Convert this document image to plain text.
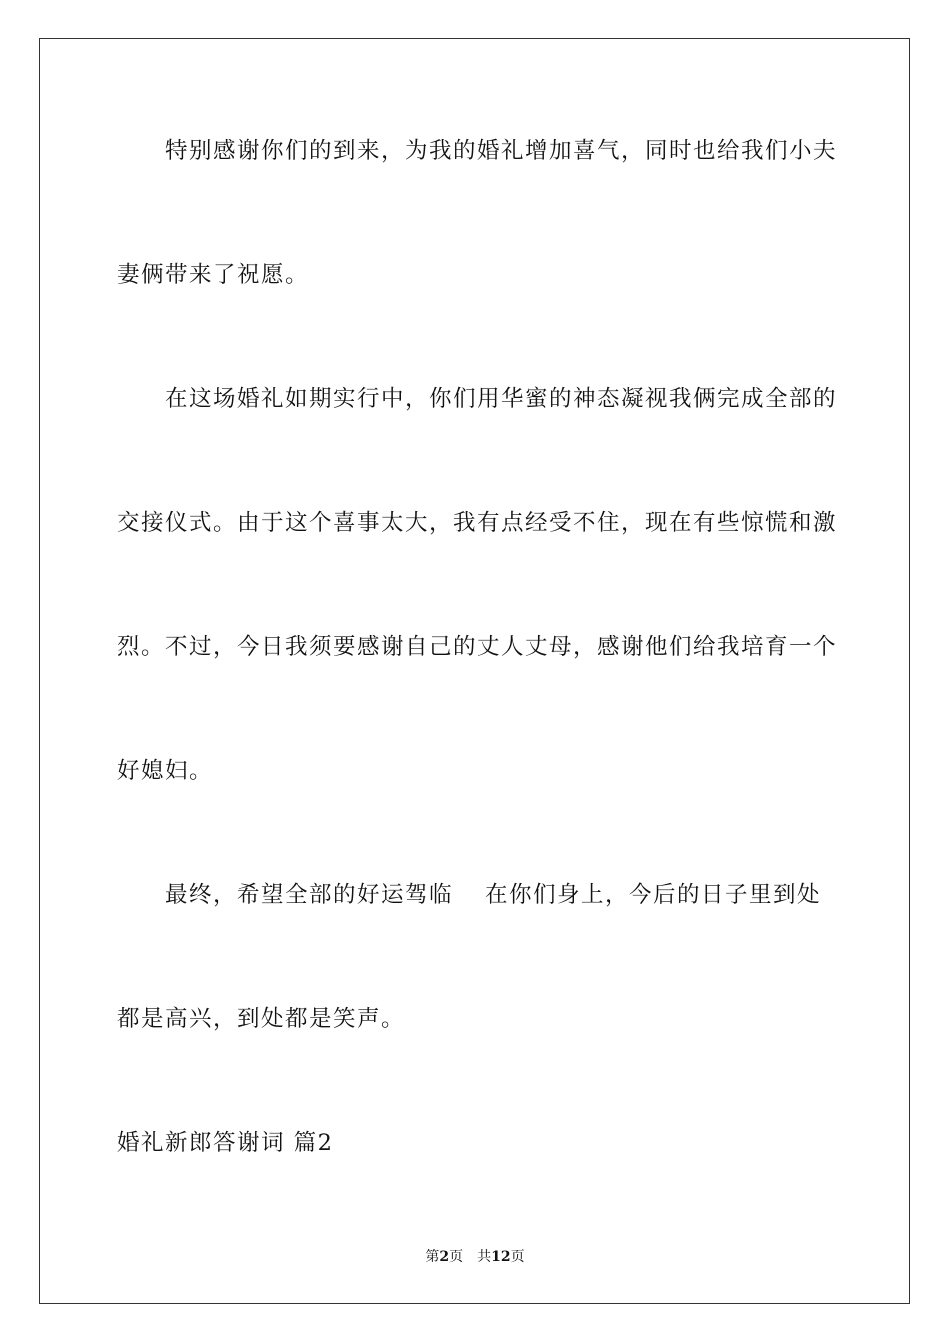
特别感谢你们的到来，为我的婚礼增加喜气，同时也给我们小夫
妻俩带来了祝愿。
在这场婚礼如期实行中，你们用华蜜的神态凝视我俩完成全部的
交接仪式。由于这个喜事太大，我有点经受不住，现在有些惊慌和激
烈。不过，今日我须要感谢自己的丈人丈母，感谢他们给我培育一个
好媳妇。
最终，希望全部的好运驾临 在你们身上，今后的日子里到处
都是高兴，到处都是笑声。
婚礼新郎答谢词 篇2
第2页 共12页
